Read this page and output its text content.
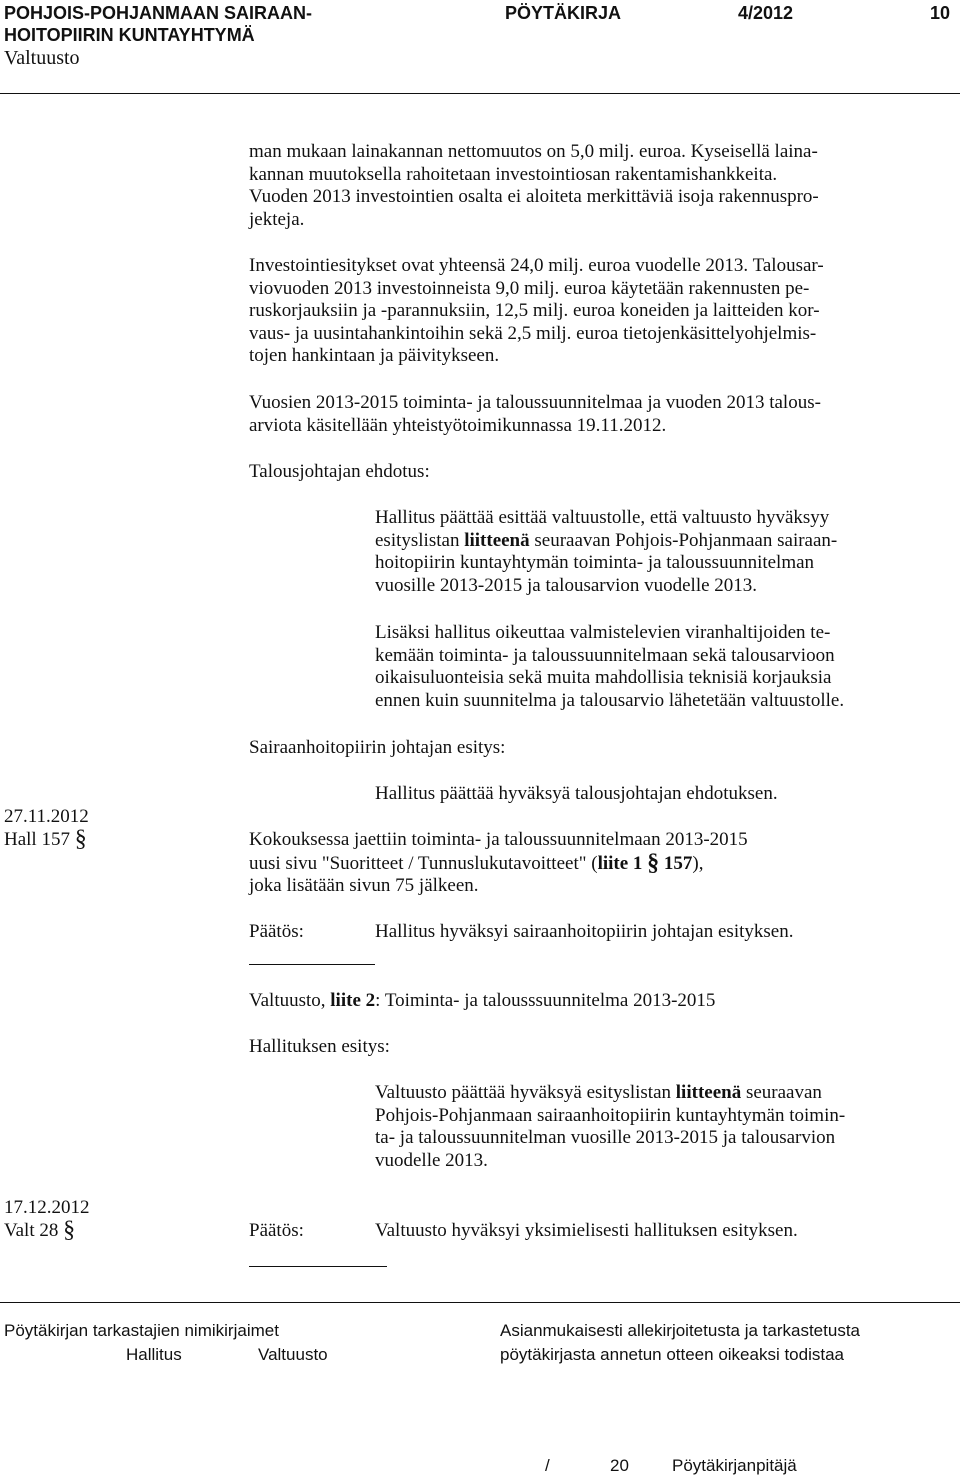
POHJOIS-POHJANMAAN SAIRAAN-
HOITOPIIRIN KUNTAYHTYMÄ
PÖYTÄKIRJA	4/2012	10
Valtuusto
man mukaan lainakannan nettomuutos on 5,0 milj. euroa. Kyseisellä laina-
kannan muutoksella rahoitetaan investointiosan rakentamishankkeita.
Vuoden 2013 investointien osalta ei aloiteta merkittäviä isoja rakennuspro-
jekteja.
Investointiesitykset ovat yhteensä 24,0 milj. euroa vuodelle 2013. Talousar-
viovuoden 2013 investoinneista 9,0 milj. euroa käytetään rakennusten pe-
ruskorjauksiin ja -parannuksiin, 12,5 milj. euroa koneiden ja laitteiden kor-
vaus- ja uusintahankintoihin sekä 2,5 milj. euroa tietojenkäsittelyohjelmis-
tojen hankintaan ja päivitykseen.
Vuosien 2013-2015 toiminta- ja taloussuunnitelmaa ja vuoden 2013 talous-
arviota käsitellään yhteistyötoimikunnassa 19.11.2012.
Talousjohtajan ehdotus:
Hallitus päättää esittää valtuustolle, että valtuusto hyväksyy
esityslistan liitteenä seuraavan Pohjois-Pohjanmaan sairaan-
hoitopiirin kuntayhtymän toiminta- ja taloussuunnitelman
vuosille 2013-2015 ja talousarvion vuodelle 2013.
Lisäksi hallitus oikeuttaa valmistelevien viranhaltijoiden te-
kemään toiminta- ja taloussuunnitelmaan sekä talousarvioon
oikaisuluonteisia sekä muita mahdollisia teknisiä korjauksia
ennen kuin suunnitelma ja talousarvio lähetetään valtuustolle.
Sairaanhoitopiirin johtajan esitys:
Hallitus päättää hyväksyä talousjohtajan ehdotuksen.
27.11.2012
Hall 157 §	Kokouksessa jaettiin toiminta- ja taloussuunnitelmaan 2013-2015
uusi sivu "Suoritteet / Tunnuslukutavoitteet" (liite 1 § 157),
joka lisätään sivun 75 jälkeen.
Päätös:	Hallitus hyväksyi sairaanhoitopiirin johtajan esityksen.
Valtuusto, liite 2: Toiminta- ja talousssuunnitelma 2013-2015
Hallituksen esitys:
Valtuusto päättää hyväksyä esityslistan liitteenä seuraavan
Pohjois-Pohjanmaan sairaanhoitopiirin kuntayhtymän toimin-
ta- ja taloussuunnitelman vuosille 2013-2015 ja talousarvion
vuodelle 2013.
17.12.2012
Valt 28 §	Päätös:	Valtuusto hyväksyi yksimielisesti hallituksen esityksen.
Pöytäkirjan tarkastajien nimikirjaimet
Hallitus	Valtuusto
Asianmukaisesti allekirjoitetusta ja tarkastetusta
pöytäkirjasta annetun otteen oikeaksi todistaa
/	20	Pöytäkirjanpitäjä
